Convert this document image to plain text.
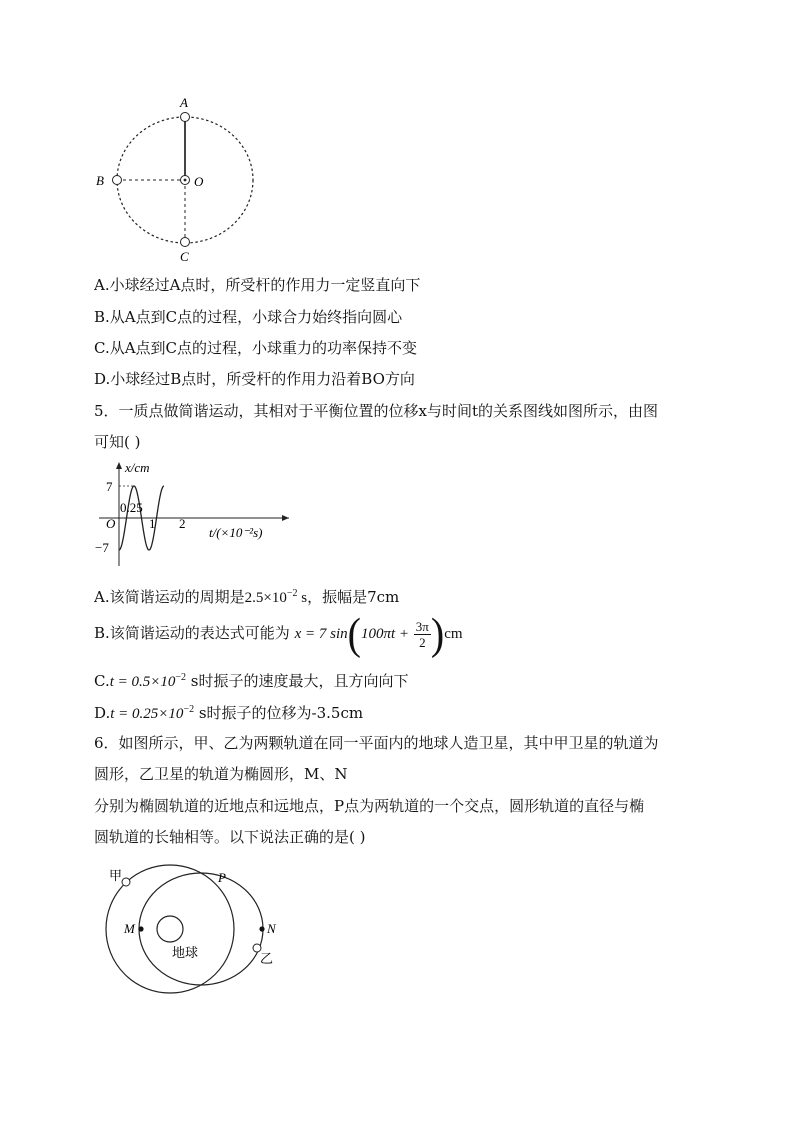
A
B	O
C
A.小球经过A点时，所受杆的作用力一定竖直向下
B.从A点到C点的过程，小球合力始终指向圆心
C.从A点到C点的过程，小球重力的功率保持不变
D.小球经过B点时，所受杆的作用力沿着BO方向
5．一质点做简谐运动，其相对于平衡位置的位移x与时间t的关系图线如图所示，由图
可知( )
x/cm
7
−7
O
0.25
1 2
t/(×10⁻²s)
A.该简谐运动的周期是$2.5\times 10^{-2}$ s，振幅是7cm
B.该简谐运动的表达式可能为 x = 7 $\sin(100\pi t + \frac{3\pi}{2} )cm$
$C.t = 0.5\times 10^{-2}$ s时振子的速度最大，且方向向下
$D.t = 0.25\times 10^{-2}$ s时振子的位移为-3.5cm
6．如图所示，甲、乙为两颗轨道在同一平面内的地球人造卫星，其中甲卫星的轨道为
圆形，乙卫星的轨道为椭圆形，M、N
分别为椭圆轨道的近地点和远地点，P点为两轨道的一个交点，圆形轨道的直径与椭
圆轨道的长轴相等。以下说法正确的是( )
甲	P
M	N
地球	乙
